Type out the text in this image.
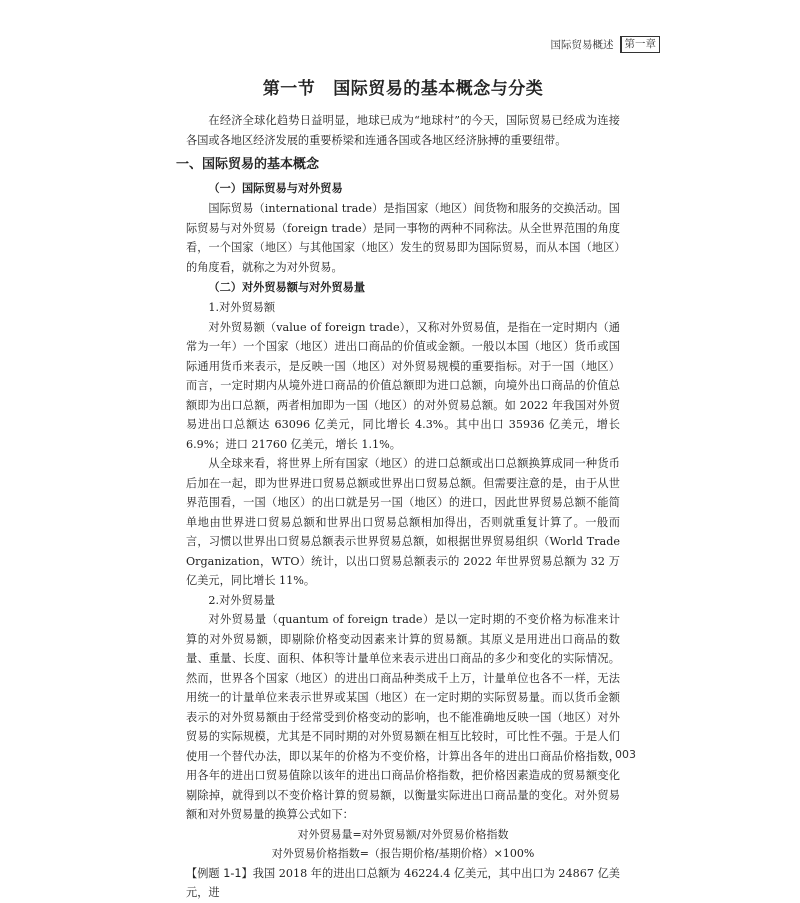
国际贸易概述	第一章
第一节 国际贸易的基本概念与分类

在经济全球化趋势日益明显，地球已成为“地球村”的今天，国际贸易已经成为连接各国或各地区经济发展的重要桥梁和连通各国或各地区经济脉搏的重要纽带。

一、国际贸易的基本概念
（一）国际贸易与对外贸易

国际贸易（international trade）是指国家（地区）间货物和服务的交换活动。国际贸易与对外贸易（foreign trade）是同一事物的两种不同称法。从全世界范围的角度看，一个国家（地区）与其他国家（地区）发生的贸易即为国际贸易，而从本国（地区）的角度看，就称之为对外贸易。

（二）对外贸易额与对外贸易量
1.对外贸易额

对外贸易额（value of foreign trade），又称对外贸易值，是指在一定时期内（通常为一年）一个国家（地区）进出口商品的价值或金额。一般以本国（地区）货币或国际通用货币来表示，是反映一国（地区）对外贸易规模的重要指标。对于一国（地区）而言，一定时期内从境外进口商品的价值总额即为进口总额，向境外出口商品的价值总额即为出口总额，两者相加即为一国（地区）的对外贸易总额。如 2022 年我国对外贸易进出口总额达 63096 亿美元，同比增长 4.3%。其中出口 35936 亿美元，增长 6.9%；进口 21760 亿美元，增长 1.1%。

从全球来看，将世界上所有国家（地区）的进口总额或出口总额换算成同一种货币后加在一起，即为世界进口贸易总额或世界出口贸易总额。但需要注意的是，由于从世界范围看，一国（地区）的出口就是另一国（地区）的进口，因此世界贸易总额不能简单地由世界进口贸易总额和世界出口贸易总额相加得出，否则就重复计算了。一般而言，习惯以世界出口贸易总额表示世界贸易总额，如根据世界贸易组织（World Trade Organization，WTO）统计，以出口贸易总额表示的 2022 年世界贸易总额为 32 万亿美元，同比增长 11%。

2.对外贸易量

对外贸易量（quantum of foreign trade）是以一定时期的不变价格为标准来计算的对外贸易额，即剔除价格变动因素来计算的贸易额。其原义是用进出口商品的数量、重量、长度、面积、体积等计量单位来表示进出口商品的多少和变化的实际情况。然而，世界各个国家（地区）的进出口商品种类成千上万，计量单位也各不一样，无法用统一的计量单位来表示世界或某国（地区）在一定时期的实际贸易量。而以货币金额表示的对外贸易额由于经常受到价格变动的影响，也不能准确地反映一国（地区）对外贸易的实际规模，尤其是不同时期的对外贸易额在相互比较时，可比性不强。于是人们使用一个替代办法，即以某年的价格为不变价格，计算出各年的进出口商品价格指数，用各年的进出口贸易值除以该年的进出口商品价格指数，把价格因素造成的贸易额变化剔除掉，就得到以不变价格计算的贸易额，以衡量实际进出口商品量的变化。对外贸易额和对外贸易量的换算公式如下：

对外贸易量=对外贸易额/对外贸易价格指数
对外贸易价格指数=（报告期价格/基期价格）×100%

【例题 1-1】我国 2018 年的进出口总额为 46224.4 亿美元，其中出口为 24867 亿美元，进

003
